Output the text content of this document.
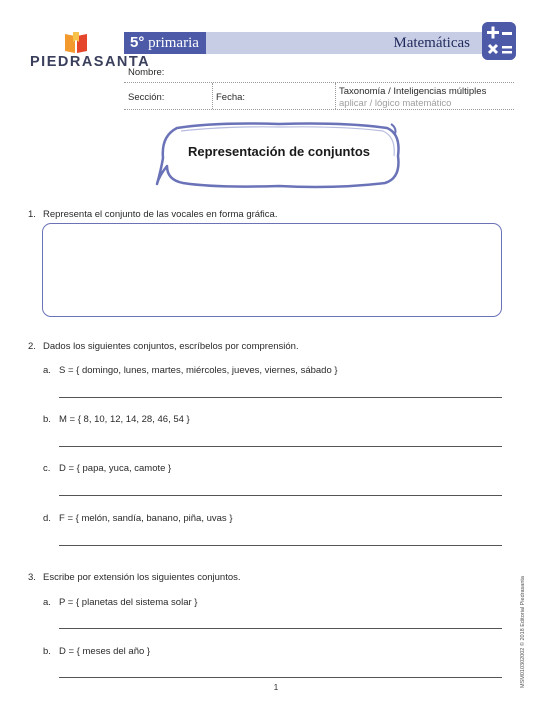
PIEDRASANTA
5° primaria	Matemáticas
Nombre:
Sección:	Fecha:
Taxonomía / Inteligencias múltiples
aplicar / lógico matemático
Representación de conjuntos
1. Representa el conjunto de las vocales en forma gráfica.
2. Dados los siguientes conjuntos, escríbelos por comprensión.
a. S = { domingo, lunes, martes, miércoles, jueves, viernes, sábado }
b. M = { 8, 10, 12, 14, 28, 46, 54 }
c. D = { papa, yuca, camote }
d. F = { melón, sandía, banano, piña, uvas }
3. Escribe por extensión los siguientes conjuntos.
a. P = { planetas del sistema solar }
b. D = { meses del año }	MSM010302002 © 2018 Editorial Piedrasanta
1
